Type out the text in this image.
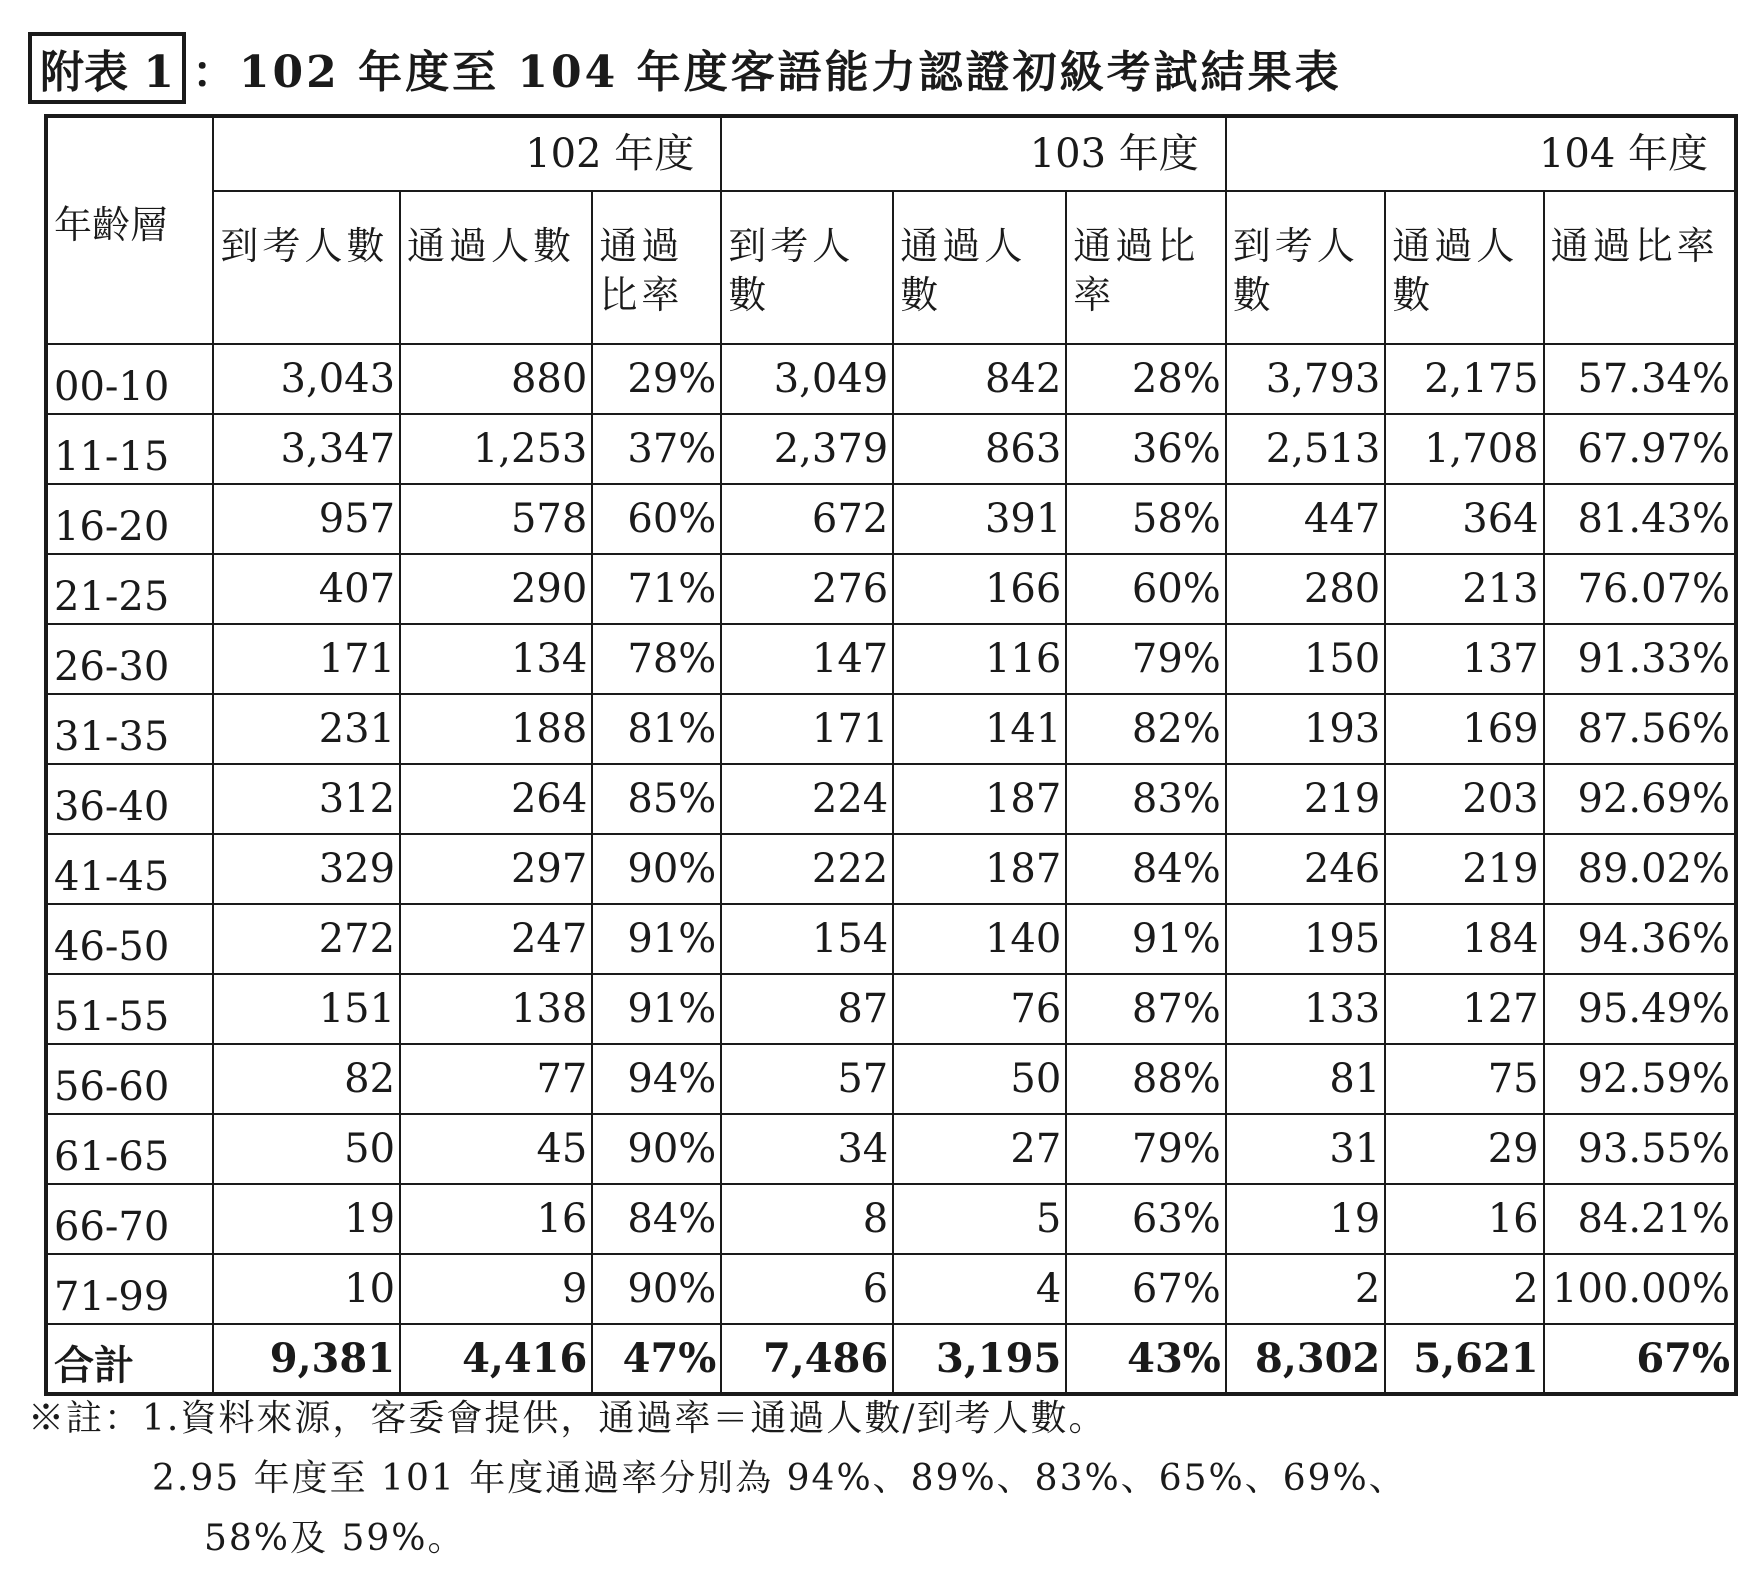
附表 1 ：102 年度至 104 年度客語能力認證初級考試結果表
年齡層	102 年度			103 年度			104 年度		
	到考人數	通過人數	通過比率	到考人數	通過人數	通過比率	到考人數	通過人數	通過比率
00-10	3,043	880	29%	3,049	842	28%	3,793	2,175	57.34%
11-15	3,347	1,253	37%	2,379	863	36%	2,513	1,708	67.97%
16-20	957	578	60%	672	391	58%	447	364	81.43%
21-25	407	290	71%	276	166	60%	280	213	76.07%
26-30	171	134	78%	147	116	79%	150	137	91.33%
31-35	231	188	81%	171	141	82%	193	169	87.56%
36-40	312	264	85%	224	187	83%	219	203	92.69%
41-45	329	297	90%	222	187	84%	246	219	89.02%
46-50	272	247	91%	154	140	91%	195	184	94.36%
51-55	151	138	91%	87	76	87%	133	127	95.49%
56-60	82	77	94%	57	50	88%	81	75	92.59%
61-65	50	45	90%	34	27	79%	31	29	93.55%
66-70	19	16	84%	8	5	63%	19	16	84.21%
71-99	10	9	90%	6	4	67%	2	2	100.00%
合計	9,381	4,416	47%	7,486	3,195	43%	8,302	5,621	67%
※註：1.資料來源，客委會提供，通過率＝通過人數/到考人數。
2.95 年度至 101 年度通過率分別為 94%、89%、83%、65%、69%、
58%及 59%。
